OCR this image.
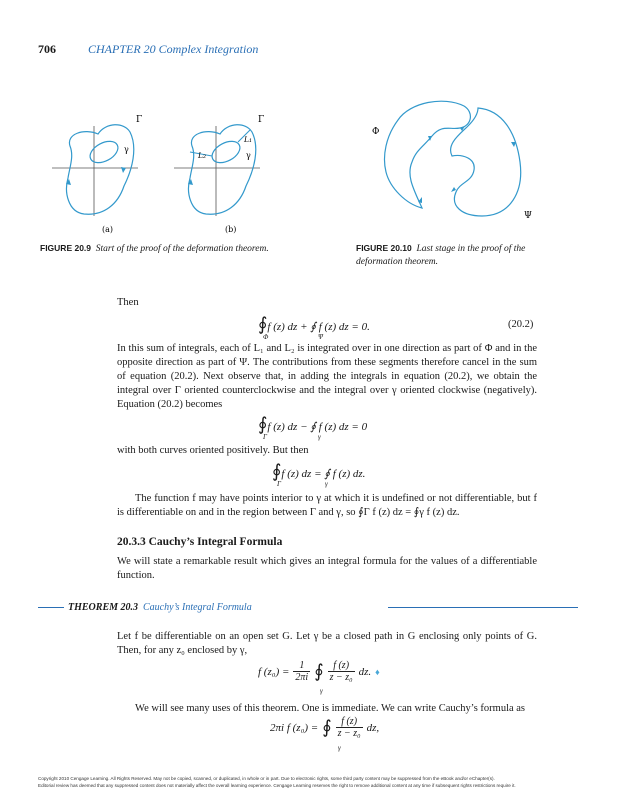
706	CHAPTER 20 Complex Integration
Γ
γ
Γ
γ
L₁
L₂
(a)	(b)
FIGURE 20.9 Start of the proof of the deformation theorem.
Φ
Ψ
FIGURE 20.10 Last stage in the proof of the deformation theorem.
Then
∮f (z) dz + ∮ f (z) dz = 0.
Φ	Ψ
(20.2)
In this sum of integrals, each of L₁ and L₂ is integrated over in one direction as part of Φ and in the opposite direction as part of Ψ. The contributions from these segments therefore cancel in the sum of equation (20.2). Next observe that, in adding the integrals in equation (20.2), we obtain the integral over Γ oriented counterclockwise and the integral over γ oriented clockwise (negatively). Equation (20.2) becomes
∮f (z) dz − ∮ f (z) dz = 0
Γ	γ
with both curves oriented positively. But then
∮f (z) dz = ∮ f (z) dz.
Γ	γ
The function f may have points interior to γ at which it is undefined or not differentiable, but f is differentiable on and in the region between Γ and γ, so ∮Γ f (z) dz = ∮γ f (z) dz.
20.3.3 Cauchy’s Integral Formula
We will state a remarkable result which gives an integral formula for the values of a differentiable function.
THEOREM 20.3 Cauchy’s Integral Formula
Let f be differentiable on an open set G. Let γ be a closed path in G enclosing only points of G. Then, for any z₀ enclosed by γ,
f $(z_0) = \frac{1}{2\pi i}$ ∮ f (z)
z − z₀ dz. ♦
γ
We will see many uses of this theorem. One is immediate. We can write Cauchy’s formula as
2πi f (z₀) = ∮ f (z)
z − z₀ dz,
γ
Copyright 2010 Cengage Learning. All Rights Reserved. May not be copied, scanned, or duplicated, in whole or in part. Due to electronic rights, some third party content may be suppressed from the eBook and/or eChapter(s).
Editorial review has deemed that any suppressed content does not materially affect the overall learning experience. Cengage Learning reserves the right to remove additional content at any time if subsequent rights restrictions require it.
